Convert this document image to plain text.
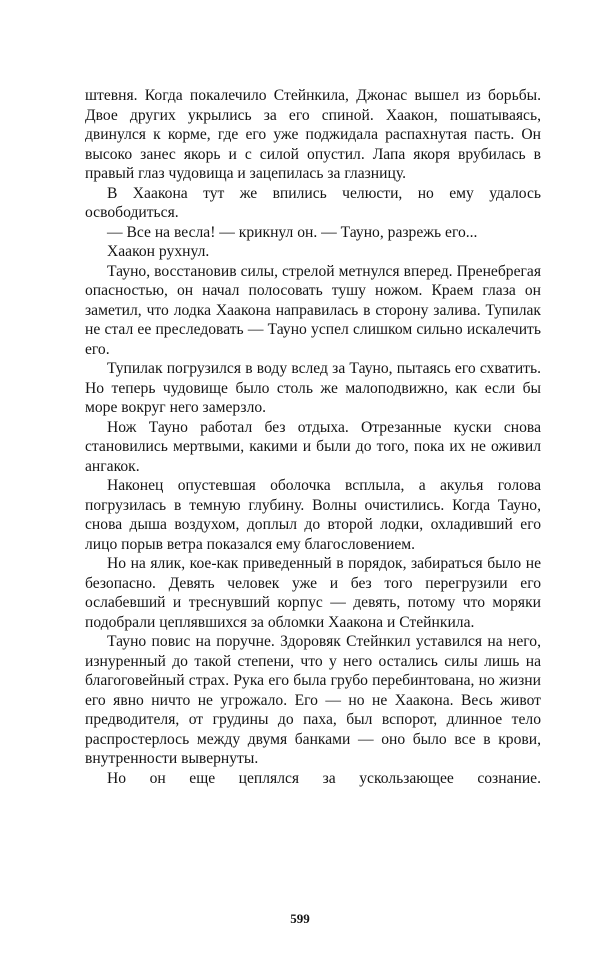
штевня. Когда покалечило Стейнкила, Джонас вышел из борьбы. Двое других укрылись за его спиной. Хаакон, пошатываясь, двинулся к корме, где его уже поджидала распахнутая пасть. Он высоко занес якорь и с силой опустил. Лапа якоря врубилась в правый глаз чудовища и зацепилась за глазницу.

В Хаакона тут же впились челюсти, но ему удалось освободиться.

— Все на весла! — крикнул он. — Тауно, разрежь его...

Хаакон рухнул.

Тауно, восстановив силы, стрелой метнулся вперед. Пренебрегая опасностью, он начал полосовать тушу ножом. Краем глаза он заметил, что лодка Хаакона направилась в сторону залива. Тупилак не стал ее преследовать — Тауно успел слишком сильно искалечить его.

Тупилак погрузился в воду вслед за Тауно, пытаясь его схватить. Но теперь чудовище было столь же малоподвижно, как если бы море вокруг него замерзло.

Нож Тауно работал без отдыха. Отрезанные куски снова становились мертвыми, какими и были до того, пока их не оживил ангакок.

Наконец опустевшая оболочка всплыла, а акулья голова погрузилась в темную глубину. Волны очистились. Когда Тауно, снова дыша воздухом, доплыл до второй лодки, охладивший его лицо порыв ветра показался ему благословением.

Но на ялик, кое-как приведенный в порядок, забираться было не безопасно. Девять человек уже и без того перегрузили его ослабевший и треснувший корпус — девять, потому что моряки подобрали цеплявшихся за обломки Хаакона и Стейнкила.

Тауно повис на поручне. Здоровяк Стейнкил уставился на него, изнуренный до такой степени, что у него остались силы лишь на благоговейный страх. Рука его была грубо перебинтована, но жизни его явно ничто не угрожало. Его — но не Хаакона. Весь живот предводителя, от грудины до паха, был вспорот, длинное тело распростерлось между двумя банками — оно было все в крови, внутренности вывернуты.

Но он еще цеплялся за ускользающее сознание.

599
